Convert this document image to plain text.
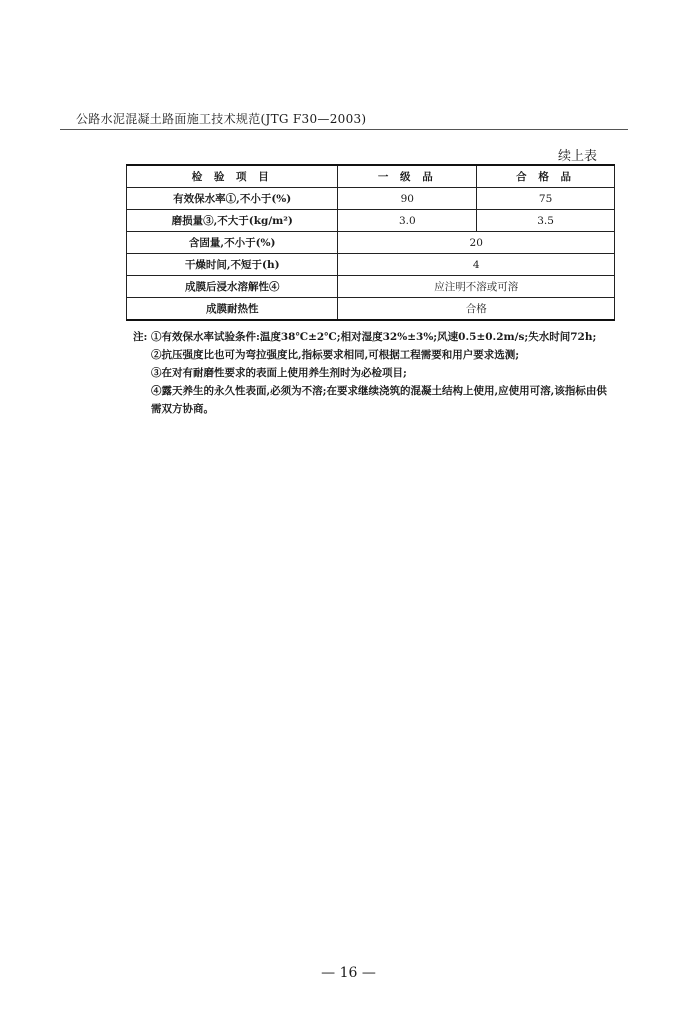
公路水泥混凝土路面施工技术规范(JTG F30—2003)
续上表
检 验 项 目	一 级 品	合 格 品
有效保水率①,不小于(%)	90	75
磨损量③,不大于(kg/m²)	3.0	3.5
含固量,不小于(%)	20	
干燥时间,不短于(h)	4	
成膜后浸水溶解性④	应注明不溶或可溶	
成膜耐热性	合格	
注: ①有效保水率试验条件:温度38℃±2℃;相对湿度32%±3%;风速0.5±0.2m/s;失水时间72h;
②抗压强度比也可为弯拉强度比,指标要求相同,可根据工程需要和用户要求选测;
③在对有耐磨性要求的表面上使用养生剂时为必检项目;
④露天养生的永久性表面,必须为不溶;在要求继续浇筑的混凝土结构上使用,应使用可溶,该指标由供需双方协商。
— 16 —
